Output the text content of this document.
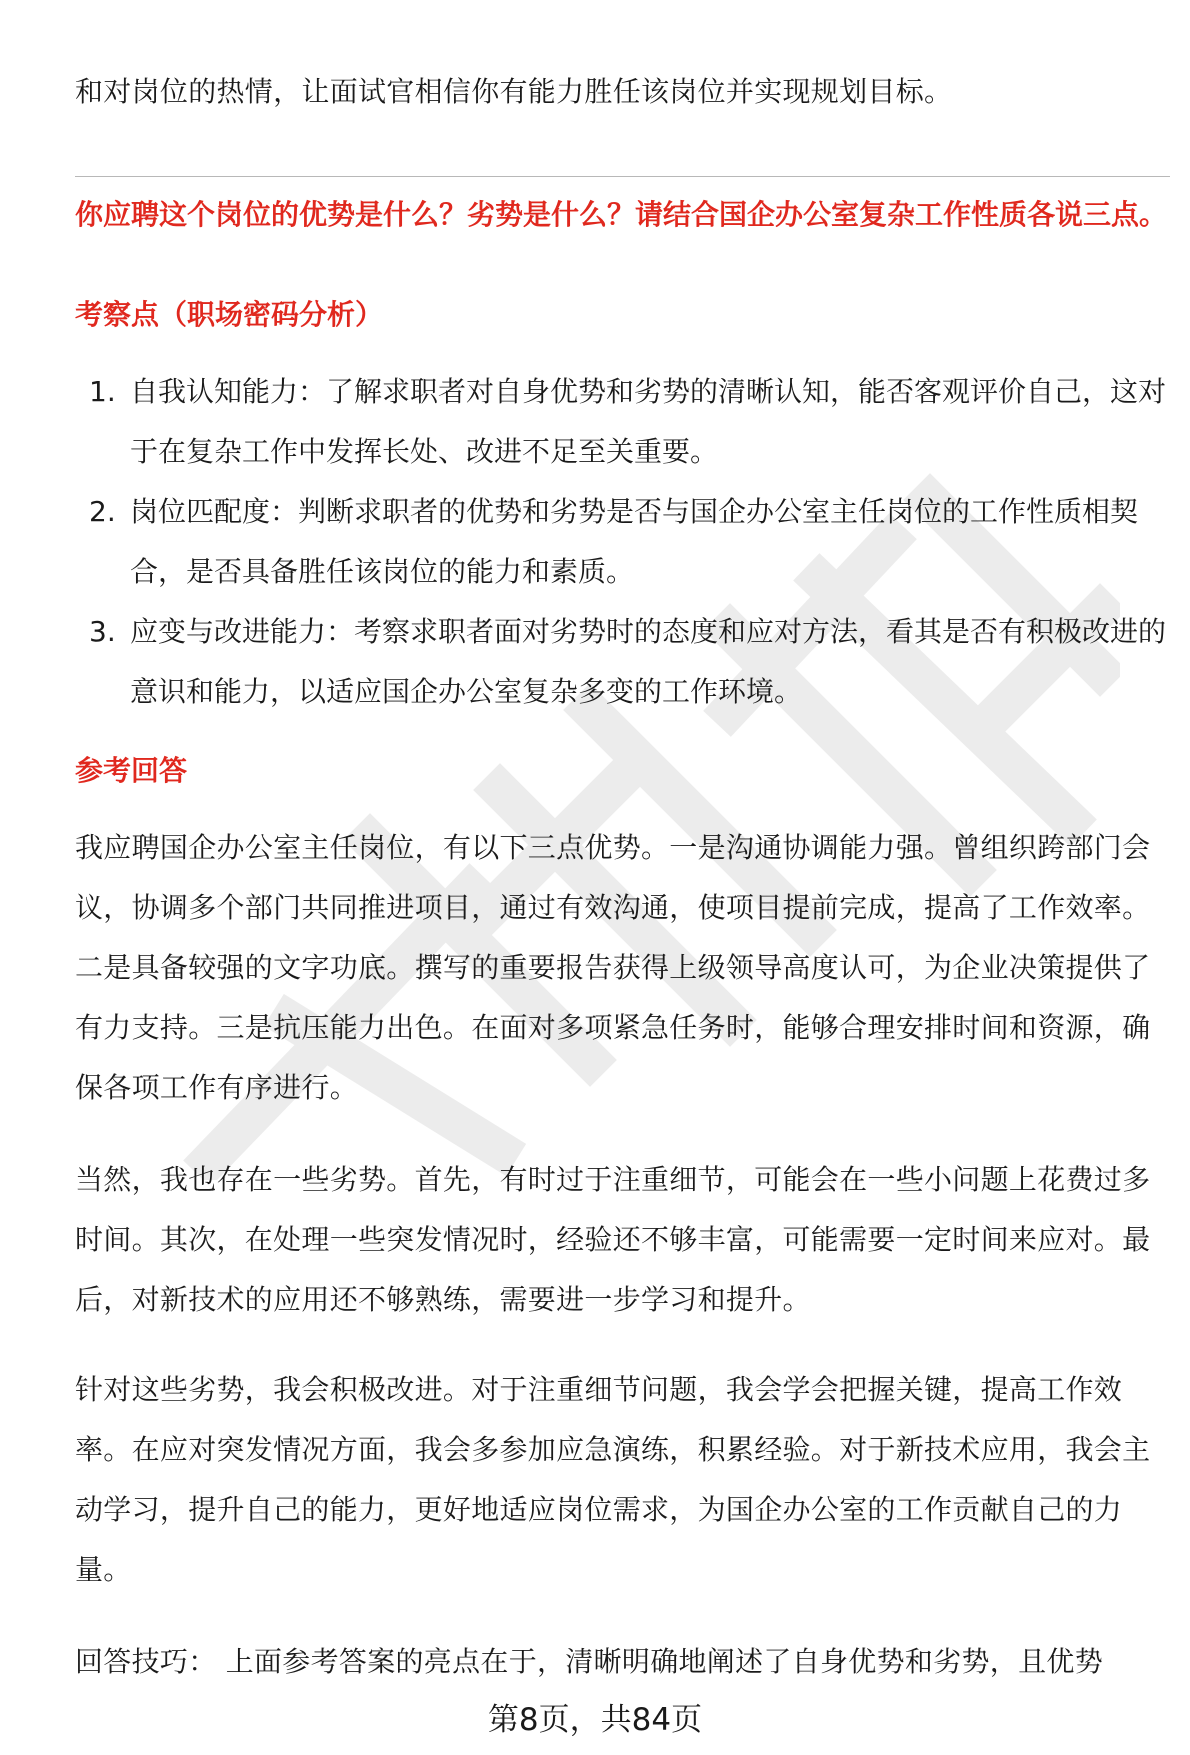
和对岗位的热情，让面试官相信你有能力胜任该岗位并实现规划目标。
你应聘这个岗位的优势是什么？劣势是什么？请结合国企办公室复杂工作性质各说三点。
考察点（职场密码分析）
1. 自我认知能力：了解求职者对自身优势和劣势的清晰认知，能否客观评价自己，这对于在复杂工作中发挥长处、改进不足至关重要。
2. 岗位匹配度：判断求职者的优势和劣势是否与国企办公室主任岗位的工作性质相契合，是否具备胜任该岗位的能力和素质。
3. 应变与改进能力：考察求职者面对劣势时的态度和应对方法，看其是否有积极改进的意识和能力，以适应国企办公室复杂多变的工作环境。
参考回答
我应聘国企办公室主任岗位，有以下三点优势。一是沟通协调能力强。曾组织跨部门会议，协调多个部门共同推进项目，通过有效沟通，使项目提前完成，提高了工作效率。二是具备较强的文字功底。撰写的重要报告获得上级领导高度认可，为企业决策提供了有力支持。三是抗压能力出色。在面对多项紧急任务时，能够合理安排时间和资源，确保各项工作有序进行。
当然，我也存在一些劣势。首先，有时过于注重细节，可能会在一些小问题上花费过多时间。其次，在处理一些突发情况时，经验还不够丰富，可能需要一定时间来应对。最后，对新技术的应用还不够熟练，需要进一步学习和提升。
针对这些劣势，我会积极改进。对于注重细节问题，我会学会把握关键，提高工作效率。在应对突发情况方面，我会多参加应急演练，积累经验。对于新技术应用，我会主动学习，提升自己的能力，更好地适应岗位需求，为国企办公室的工作贡献自己的力量。
回答技巧： 上面参考答案的亮点在于，清晰明确地阐述了自身优势和劣势，且优势
第8页，共84页
